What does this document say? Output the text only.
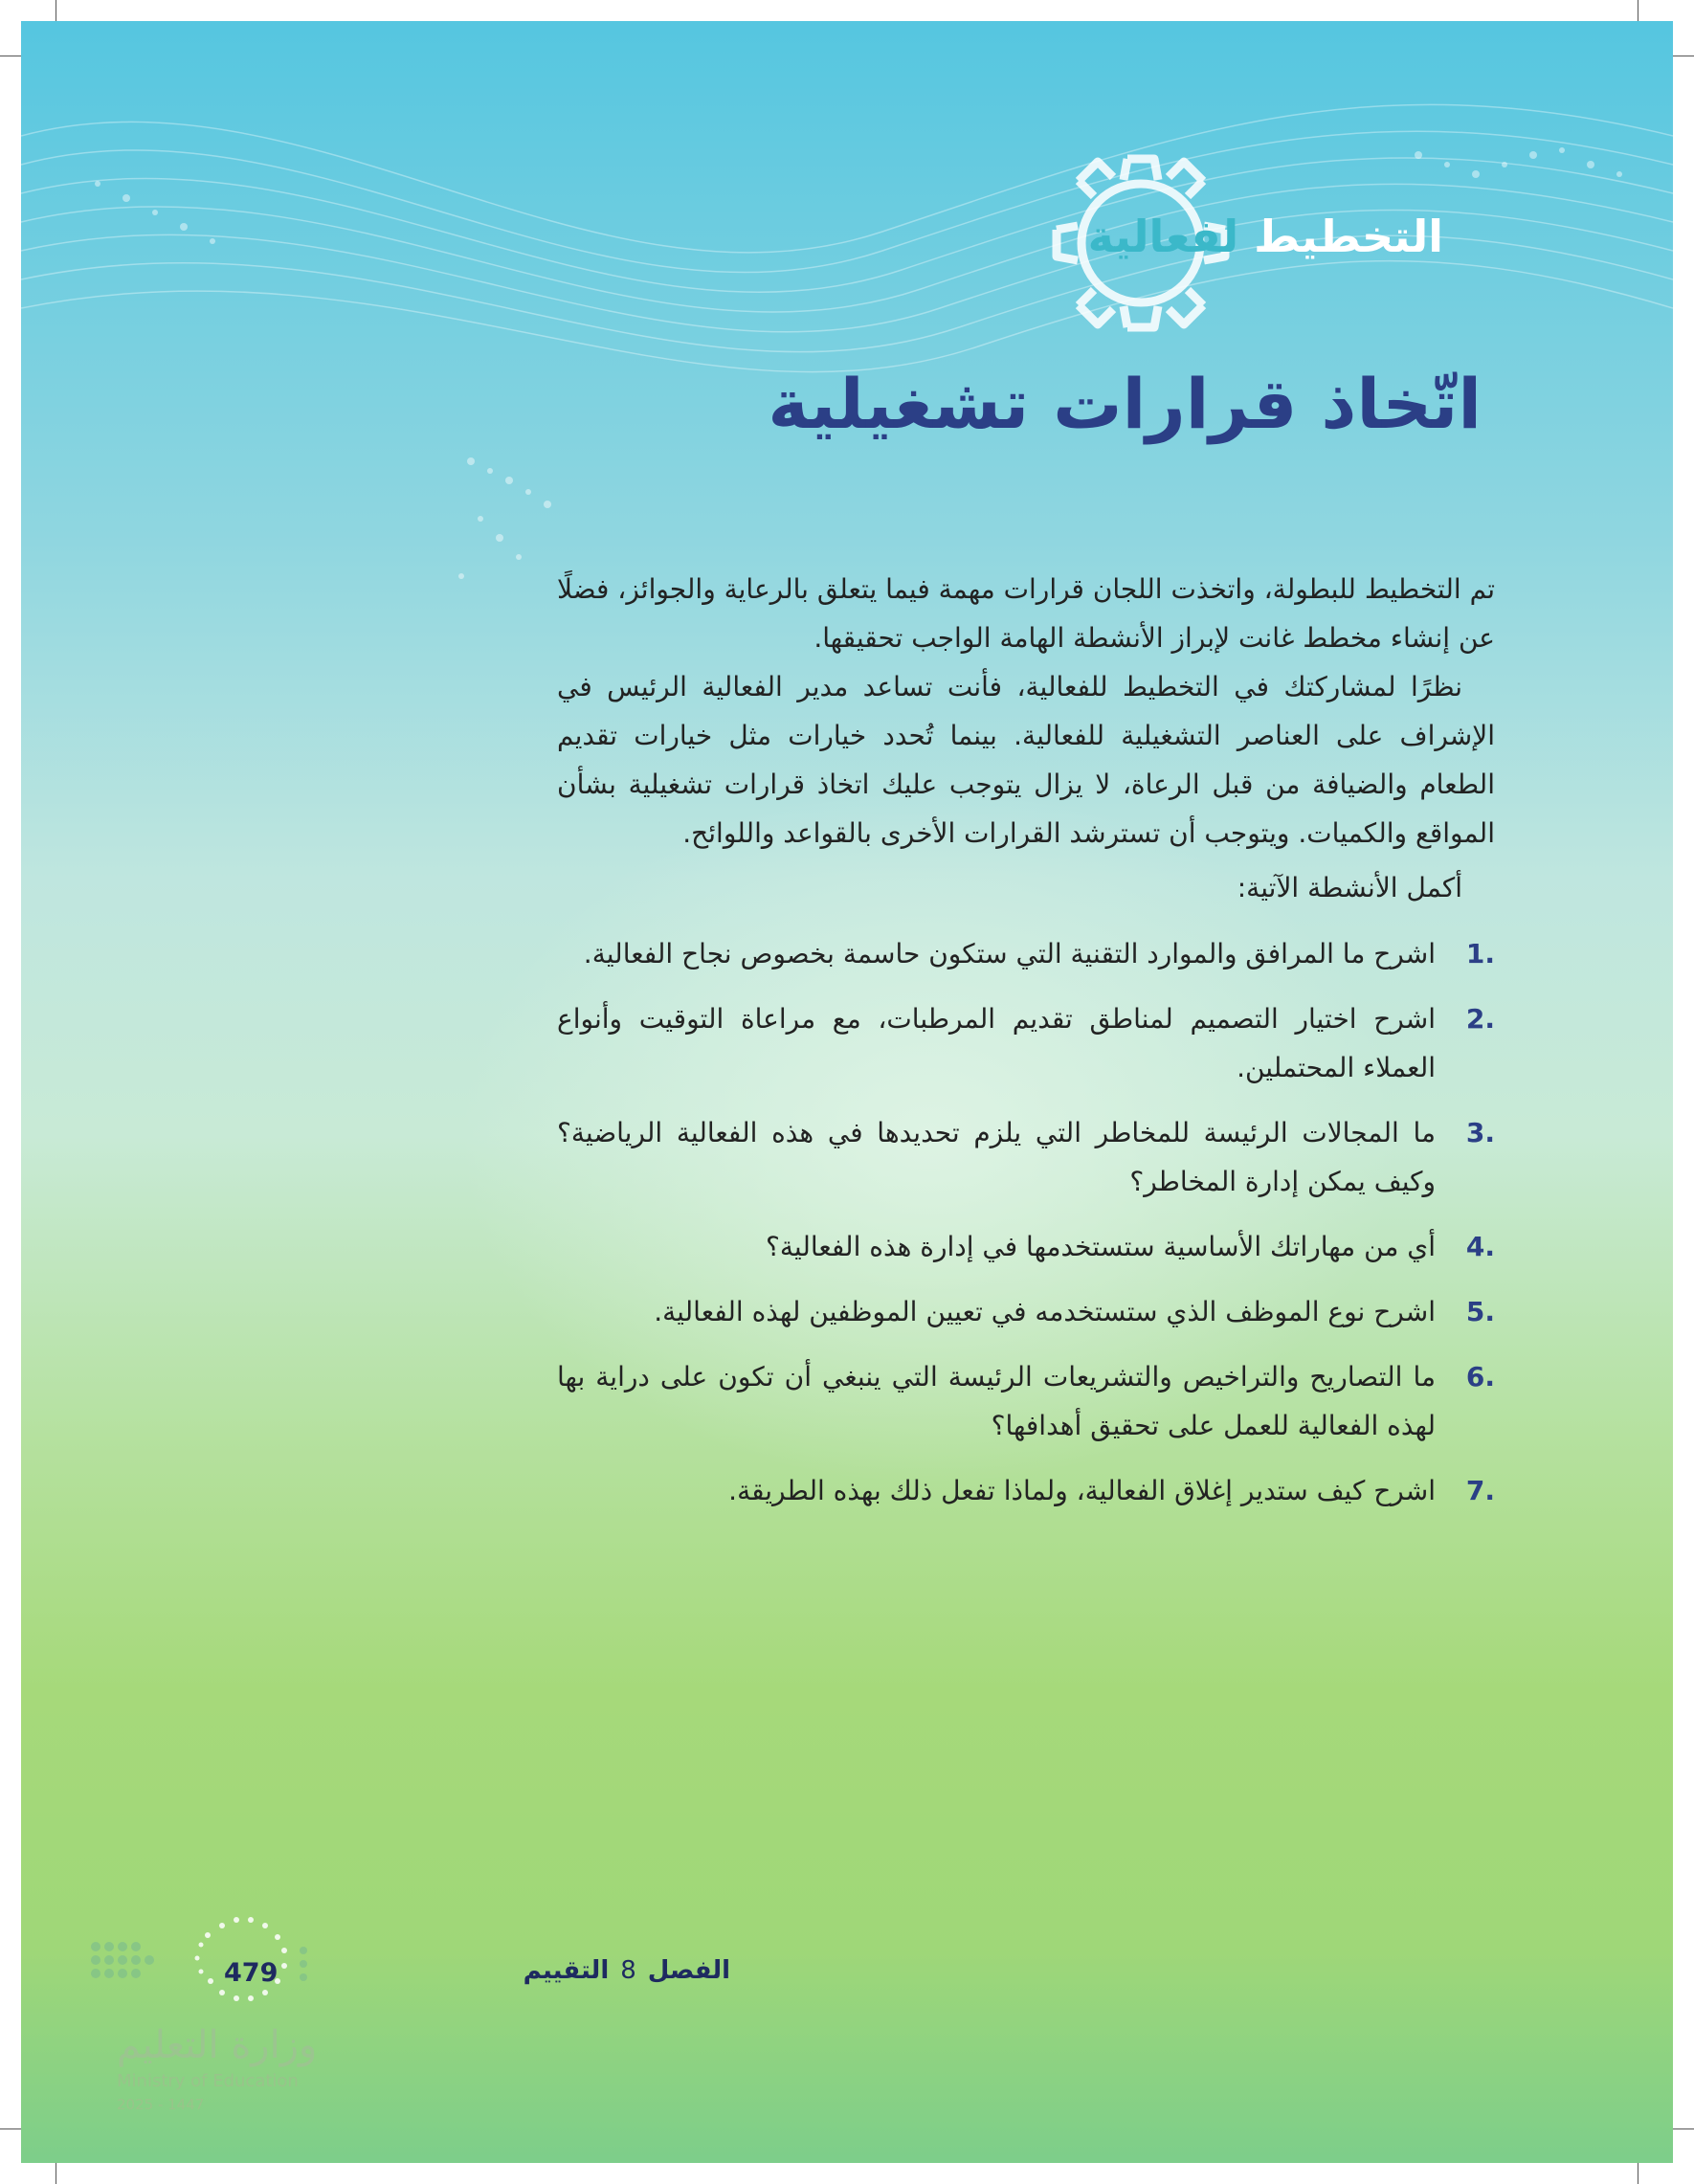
التخطيط لفعالية
اتّخاذ قرارات تشغيلية

تم التخطيط للبطولة، واتخذت اللجان قرارات مهمة فيما يتعلق بالرعاية والجوائز، فضلًا عن إنشاء مخطط غانت لإبراز الأنشطة الهامة الواجب تحقيقها.

نظرًا لمشاركتك في التخطيط للفعالية، فأنت تساعد مدير الفعالية الرئيس في الإشراف على العناصر التشغيلية للفعالية. بينما تُحدد خيارات مثل خيارات تقديم الطعام والضيافة من قبل الرعاة، لا يزال يتوجب عليك اتخاذ قرارات تشغيلية بشأن المواقع والكميات. ويتوجب أن تسترشد القرارات الأخرى بالقواعد واللوائح.

أكمل الأنشطة الآتية:

.1
اشرح ما المرافق والموارد التقنية التي ستكون حاسمة بخصوص نجاح الفعالية.
.2
اشرح اختيار التصميم لمناطق تقديم المرطبات، مع مراعاة التوقيت وأنواع العملاء المحتملين.
.3
ما المجالات الرئيسة للمخاطر التي يلزم تحديدها في هذه الفعالية الرياضية؟ وكيف يمكن إدارة المخاطر؟
.4
أي من مهاراتك الأساسية ستستخدمها في إدارة هذه الفعالية؟
.5
اشرح نوع الموظف الذي ستستخدمه في تعيين الموظفين لهذه الفعالية.
.6
ما التصاريح والتراخيص والتشريعات الرئيسة التي ينبغي أن تكون على دراية بها لهذه الفعالية للعمل على تحقيق أهدافها؟
.7
اشرح كيف ستدير إغلاق الفعالية، ولماذا تفعل ذلك بهذه الطريقة.
الفصل8التقييم
479
وزارة التعليم
Ministry of Education
2025 - 1447
